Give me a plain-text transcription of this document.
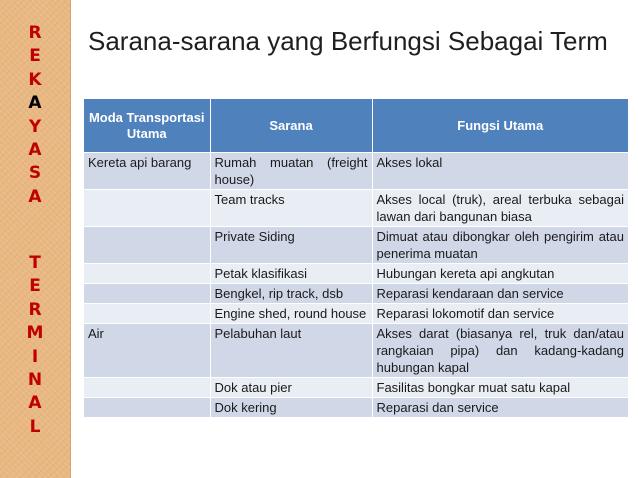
R
E
K
A
Y
A
S
A
T
E
R
M
I
N
A
L
Sarana-sarana yang Berfungsi Sebagai Term
Moda Transportasi Utama	Sarana	Fungsi Utama
Kereta api barang	Rumah muatan (freight house)	Akses lokal
	Team tracks	Akses local (truk), areal terbuka sebagai lawan dari bangunan biasa
	Private Siding	Dimuat atau dibongkar oleh pengirim atau penerima muatan
	Petak klasifikasi	Hubungan kereta api angkutan
	Bengkel, rip track, dsb	Reparasi kendaraan dan service
	Engine shed, round house	Reparasi lokomotif dan service
Air	Pelabuhan laut	Akses darat (biasanya rel, truk dan/atau rangkaian pipa) dan kadang-kadang hubungan kapal
	Dok atau pier	Fasilitas bongkar muat satu kapal
	Dok kering	Reparasi dan service
